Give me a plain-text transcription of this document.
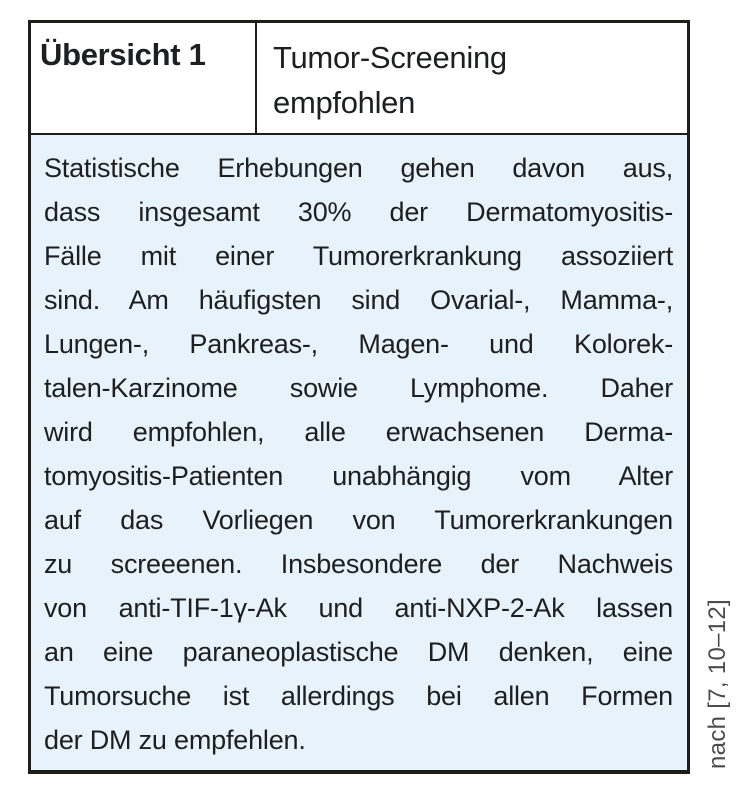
Übersicht 1	Tumor-Screening
empfohlen
Statistische Erhebungen gehen davon aus,
dass insgesamt 30% der Dermatomyositis-
Fälle mit einer Tumorerkrankung assoziiert
sind. Am häufigsten sind Ovarial-, Mamma-,
Lungen-, Pankreas-, Magen- und Kolorek-
talen-Karzinome sowie Lymphome. Daher
wird empfohlen, alle erwachsenen Derma-
tomyositis-Patienten unabhängig vom Alter
auf das Vorliegen von Tumorerkrankungen
zu screeenen. Insbesondere der Nachweis
von anti-TIF-1γ-Ak und anti-NXP-2-Ak lassen
an eine paraneoplastische DM denken, eine
Tumorsuche ist allerdings bei allen Formen
der DM zu empfehlen.	nach [7, 10–12]
